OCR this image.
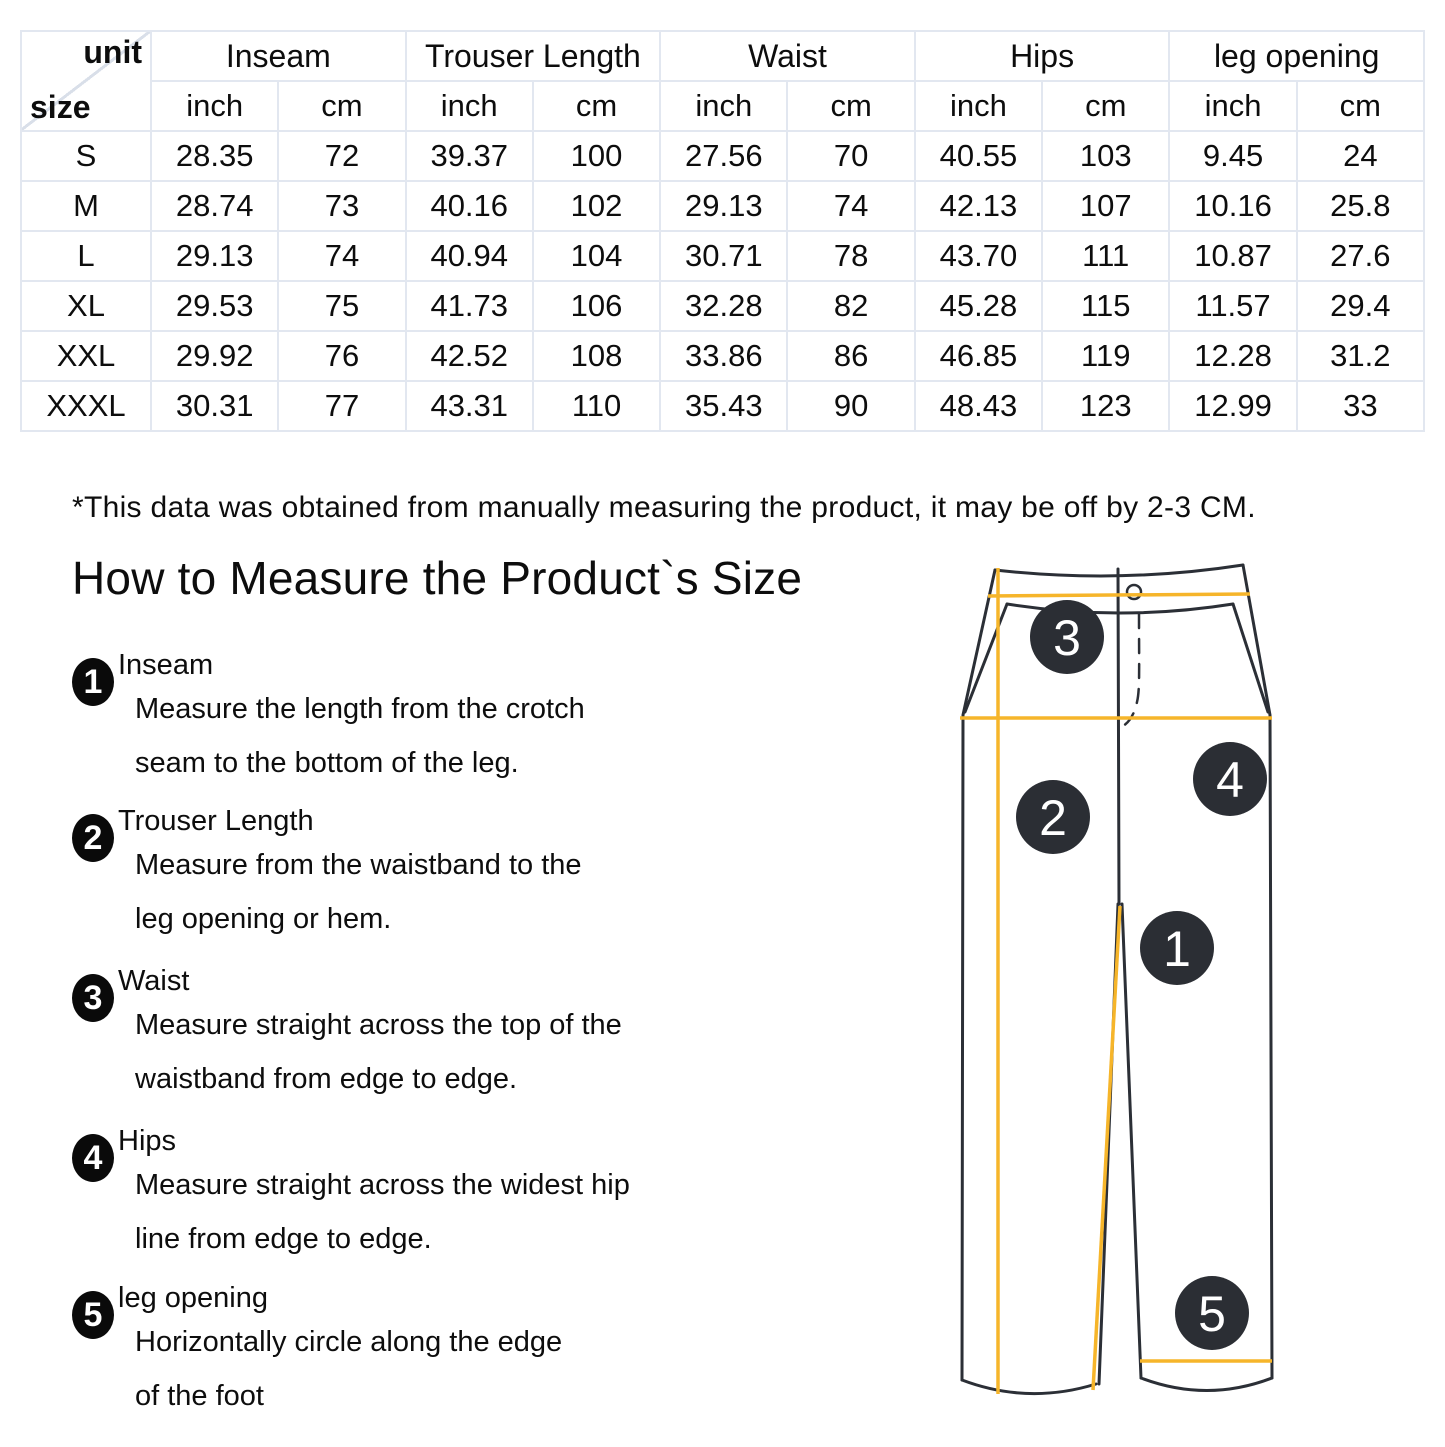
unit
size	Inseam		Trouser Length		Waist		Hips		leg opening	
	inch	cm	inch	cm	inch	cm	inch	cm	inch	cm
S	28.35	72	39.37	100	27.56	70	40.55	103	9.45	24
M	28.74	73	40.16	102	29.13	74	42.13	107	10.16	25.8
L	29.13	74	40.94	104	30.71	78	43.70	111	10.87	27.6
XL	29.53	75	41.73	106	32.28	82	45.28	115	11.57	29.4
XXL	29.92	76	42.52	108	33.86	86	46.85	119	12.28	31.2
XXXL	30.31	77	43.31	110	35.43	90	48.43	123	12.99	33
*This data was obtained from manually measuring the product, it may be off by 2-3 CM.
How to Measure the Product`s Size
1 Inseam
Measure the length from the crotch
seam to the bottom of the leg.
2 Trouser Length
Measure from the waistband to the
leg opening or hem.
3 Waist
Measure straight across the top of the
waistband from edge to edge.
4 Hips
Measure straight across the widest hip
line from edge to edge.
5 leg opening
Horizontally circle along the edge
of the foot
1
2
3
4
5
